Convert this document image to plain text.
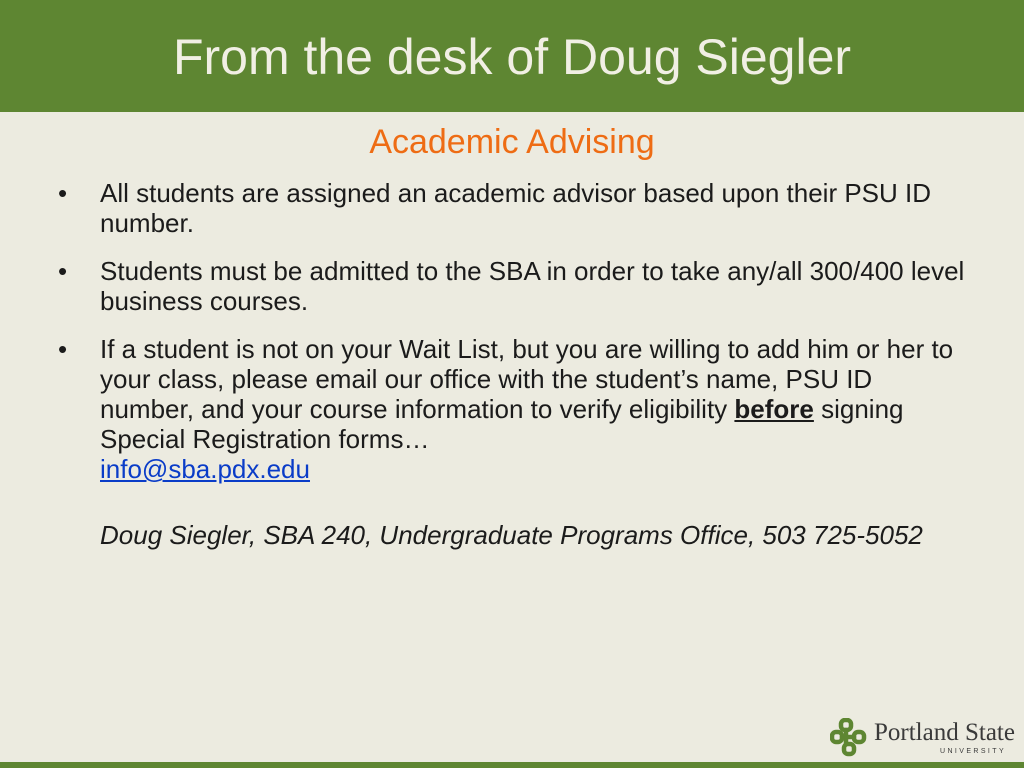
From the desk of Doug Siegler
Academic Advising
• All students are assigned an academic advisor based upon their PSU ID number.
• Students must be admitted to the SBA in order to take any/all 300/400 level business courses.
• If a student is not on your Wait List, but you are willing to add him or her to your class, please email our office with the student’s name, PSU ID number, and your course information to verify eligibility before signing Special Registration forms…
info@sba.pdx.edu
Doug Siegler, SBA 240, Undergraduate Programs Office, 503 725-5052
Portland State
UNIVERSITY
